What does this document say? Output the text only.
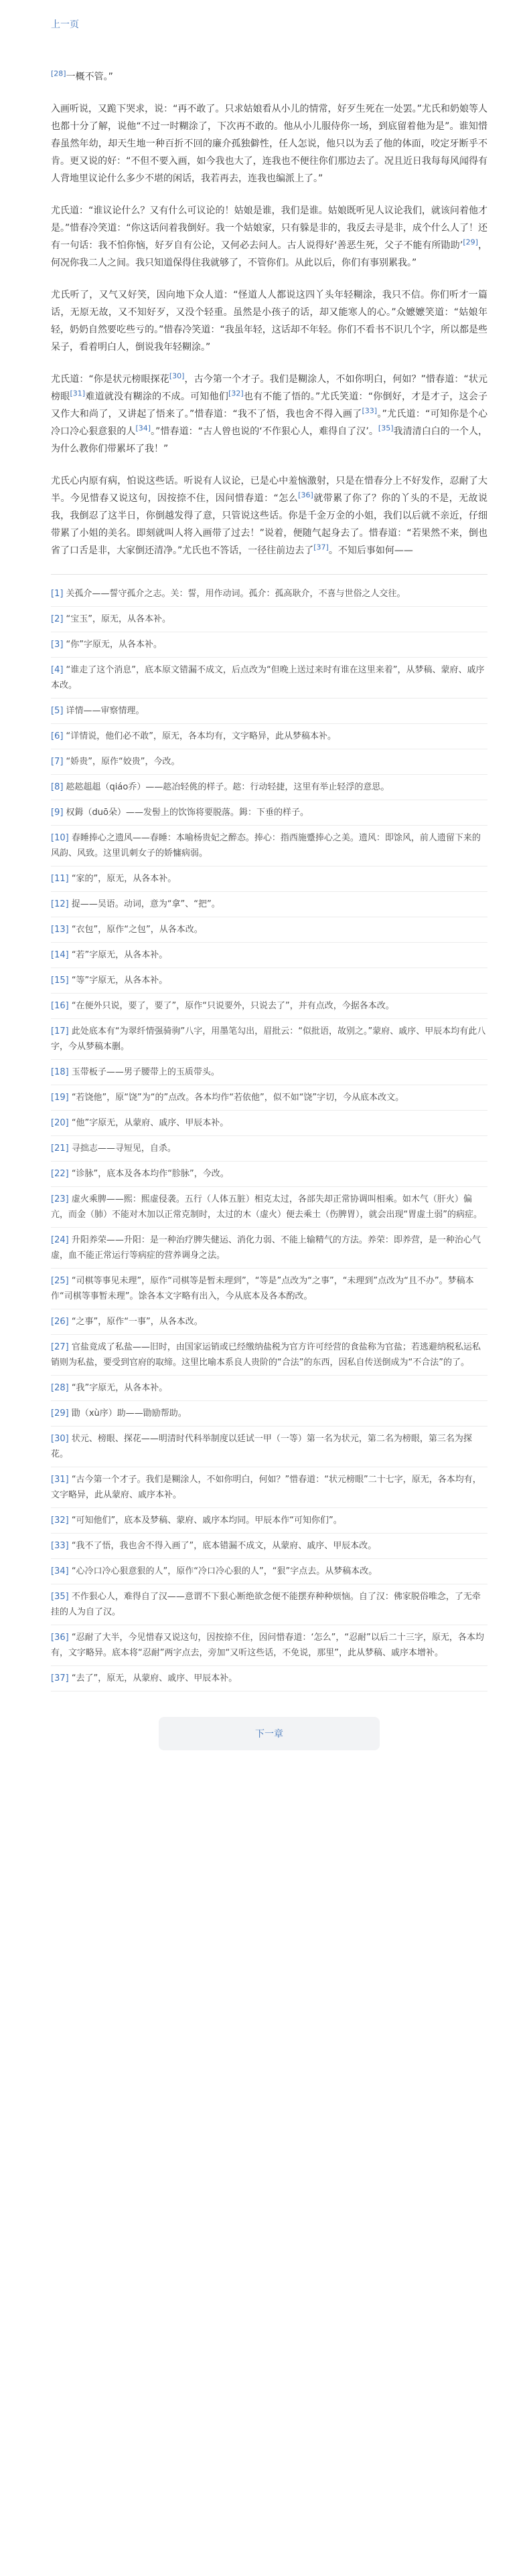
上一页

[28]一概不管。”

入画听说，又跪下哭求，说：“再不敢了。只求姑娘看从小儿的情常，好歹生死在一处罢。”尤氏和奶娘等人也都十分了解，说他“不过一时糊涂了，下次再不敢的。他从小儿服侍你一场，到底留着他为是”。谁知惜春虽然年幼，却天生地一种百折不回的廉介孤独僻性，任人怎说，他只以为丢了他的体面，咬定牙断乎不肯。更又说的好：“不但不要入画，如今我也大了，连我也不便往你们那边去了。况且近日我每每风闻得有人背地里议论什么多少不堪的闲话，我若再去，连我也编派上了。”

尤氏道：“谁议论什么？又有什么可议论的！姑娘是谁，我们是谁。姑娘既听见人议论我们，就该问着他才是。”惜春冷笑道：“你这话问着我倒好。我一个姑娘家，只有躲是非的，我反去寻是非，成个什么人了！还有一句话：我不怕你恼，好歹自有公论，又何必去问人。古人说得好‘善恶生死，父子不能有所勖助’[29]，何况你我二人之间。我只知道保得住我就够了，不管你们。从此以后，你们有事别累我。”

尤氏听了，又气又好笑，因向地下众人道：“怪道人人都说这四丫头年轻糊涂，我只不信。你们听才一篇话，无原无故，又不知好歹，又没个轻重。虽然是小孩子的话，却又能寒人的心。”众嬷嬷笑道：“姑娘年轻，奶奶自然要吃些亏的。”惜春冷笑道：“我虽年轻，这话却不年轻。你们不看书不识几个字，所以都是些呆子，看着明白人，倒说我年轻糊涂。”

尤氏道：“你是状元榜眼探花[30]，古今第一个才子。我们是糊涂人，不如你明白，何如？”惜春道：“状元榜眼[31]难道就没有糊涂的不成。可知他们[32]也有不能了悟的。”尤氏笑道：“你倒好，才是才子，这会子又作大和尚了，又讲起了悟来了。”惜春道：“我不了悟，我也舍不得入画了[33]。”尤氏道：“可知你是个心冷口冷心狠意狠的人[34]。”惜春道：“古人曾也说的‘不作狠心人，难得自了汉’。[35]我清清白白的一个人，为什么教你们带累坏了我！”

尤氏心内原有病，怕说这些话。听说有人议论，已是心中羞恼激射，只是在惜春分上不好发作，忍耐了大半。今见惜春又说这句，因按捺不住，因问惜春道：“怎么[36]就带累了你了？你的丫头的不是，无故说我，我倒忍了这半日，你倒越发得了意，只管说这些话。你是千金万金的小姐，我们以后就不亲近，仔细带累了小姐的美名。即刻就叫人将入画带了过去！”说着，便随气起身去了。惜春道：“若果然不来，倒也省了口舌是非，大家倒还清净。”尤氏也不答话，一径往前边去了[37]。不知后事如何——

[1] 关孤介——誓守孤介之志。关：誓，用作动词。孤介：孤高耿介，不喜与世俗之人交往。
[2] “宝玉”，原无，从各本补。
[3] “你”字原无，从各本补。
[4] “谁走了这个消息”，底本原文错漏不成文，后点改为“但晚上送过来时有谁在这里来着”，从梦稿、蒙府、戚序本改。
[5] 详情——审察情理。
[6] “详情说，他们必不敢”，原无，各本均有，文字略异，此从梦稿本补。
[7] “娇贵”，原作“姣贵”，今改。
[8] 趑趑趄趄（qiáo乔）——趑冶轻佻的样子。趑：行动轻捷，这里有举止轻浮的意思。
[9] 权鉧（duō朵）——发髻上的饮饰将要脱落。鉧：下垂的样子。
[10] 春睡捧心之遗风——春睡：本喻杨贵妃之醉态。捧心：指西施蹙捧心之美。遗风：即馀风，前人遗留下来的风韵、风致。这里讥刺女子的娇慵病弱。
[11] “家的”，原无，从各本补。
[12] 捉——吴语。动词，意为“拿”、“把”。
[13] “衣包”，原作“之包”，从各本改。
[14] “若”字原无，从各本补。
[15] “等”字原无，从各本补。
[16] “在便外只说，要了，要了”，原作“只说要外，只说去了”，并有点改，今据各本改。
[17] 此处底本有“为翠纤情强骑驹”八字，用墨笔勾出，眉批云：“似批语，故别之。”蒙府、戚序、甲辰本均有此八字，今从梦稿本删。
[18] 玉带板子——男子腰带上的玉质带头。
[19] “若饶他”，原“饶”为“的”点改。各本均作“若依他”，似不如“饶”字切，今从底本改文。
[20] “他”字原无，从蒙府、戚序、甲辰本补。
[21] 寻拙志——寻短见，自杀。
[22] “诊脉”，底本及各本均作“胗脉”，今改。
[23] 虚火乘脾——熙：熙虚侵袭。五行（人体五脏）相克太过，各部失却正常协调叫相乘。如木气（肝火）偏亢，而金（肺）不能对木加以正常克制时，太过的木（虚火）便去乘土（伤脾胃），就会出现“胃虚土弱”的病症。
[24] 升阳养荣——升阳：是一种治疗脾失健运、消化力弱、不能上输精气的方法。养荣：即养营，是一种治心气虚，血不能正常运行等病症的营养调身之法。
[25] “司棋等事见未理”，原作“司棋等是暂未理到”，“等是”点改为“之事”，“未理到”点改为“且不办”。梦稿本作“司棋等事暂未理”。馀各本文字略有出入，今从底本及各本酌改。
[26] “之事”，原作“一事”，从各本改。
[27] 官盐竟成了私盐——旧时，由国家运销或已经缴纳盐税为官方许可经营的食盐称为官盐；若逃避纳税私运私销则为私盐，要受到官府的取缔。这里比喻本系良人贵阶的“合法”的东西，因私自传送倒成为“不合法”的了。
[28] “我”字原无，从各本补。
[29] 勖（xù序）助——勖励帮助。
[30] 状元、榜眼、探花——明清时代科举制度以廷试一甲（一等）第一名为状元，第二名为榜眼，第三名为探花。
[31] “古今第一个才子。我们是糊涂人，不如你明白，何如？”惜春道：“状元榜眼”二十七字，原无，各本均有，文字略异，此从蒙府、戚序本补。
[32] “可知他们”，底本及梦稿、蒙府、戚序本均同。甲辰本作“可知你们”。
[33] “我不了悟，我也舍不得入画了”，底本错漏不成文，从蒙府、戚序、甲辰本改。
[34] “心冷口冷心狠意狠的人”，原作“冷口冷心狠的人”，“狠”字点去。从梦稿本改。
[35] 不作狠心人，难得自了汉——意谓不下狠心断绝欲念便不能摆弃种种烦恼。自了汉：佛家脱俗唯念，了无牵挂的人为自了汉。
[36] “忍耐了大半，今见惜春又说这句，因按捺不住，因问惜春道：‘怎么”，“忍耐”以后二十三字，原无，各本均有，文字略异。底本将“忍耐”两字点去，旁加“又听这些话，不免说，那里”，此从梦稿、戚序本增补。
[37] “去了”，原无，从蒙府、戚序、甲辰本补。
下一章
